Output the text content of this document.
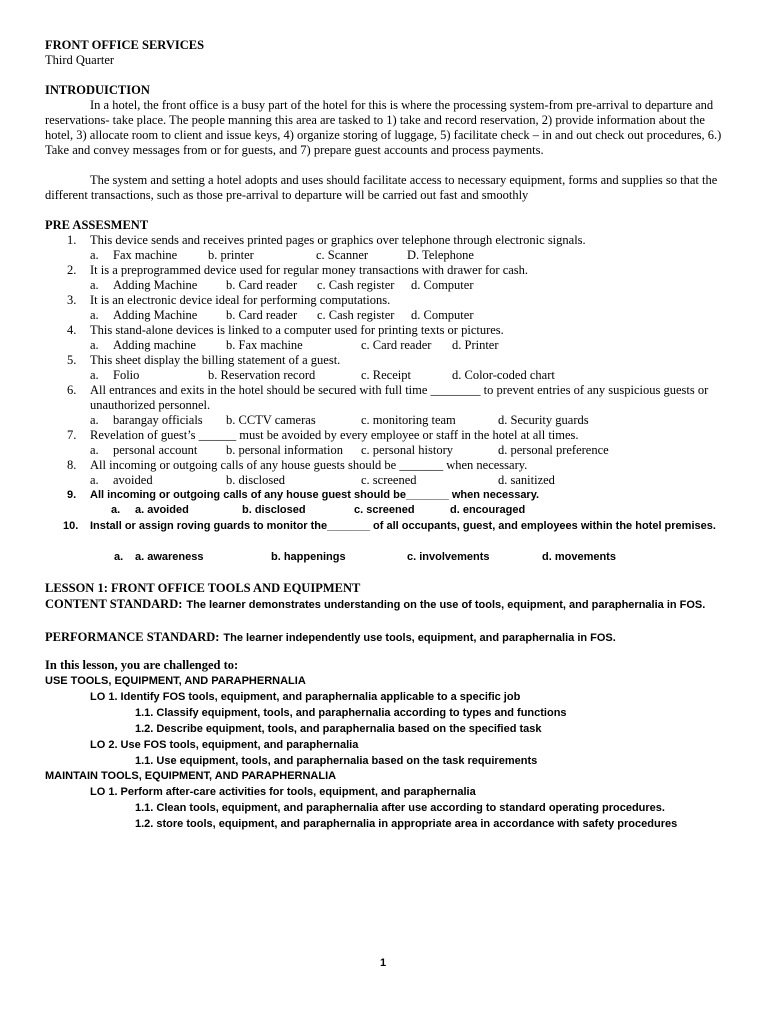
FRONT OFFICE SERVICES
Third Quarter
INTRODUICTION
In a hotel, the front office is a busy part of the hotel for this is where the processing system-from pre-arrival to departure and reservations- take place. The people manning this area are tasked to 1) take and record reservation, 2) provide information about the hotel, 3) allocate room to client and issue keys, 4) organize storing of luggage, 5) facilitate check – in and out check out procedures, 6.) Take and convey messages from or for guests, and 7) prepare guest accounts and process payments.
The system and setting a hotel adopts and uses should facilitate access to necessary equipment, forms and supplies so that the different transactions, such as those pre-arrival to departure will be carried out fast and smoothly
PRE ASSESMENT
1. This device sends and receives printed pages or graphics over telephone through electronic signals.
a. Fax machine b. printer	c. Scanner	D. Telephone
2. It is a preprogrammed device used for regular money transactions with drawer for cash.
a. Adding Machine b. Card reader c. Cash register d. Computer
3. It is an electronic device ideal for performing computations.
a. Adding Machine b. Card reader c. Cash register d. Computer
4. This stand-alone devices is linked to a computer used for printing texts or pictures.
a. Adding machine b. Fax machine	c. Card reader d. Printer
5. This sheet display the billing statement of a guest.
a. Folio	b. Reservation record	c. Receipt	d. Color-coded chart
6. All entrances and exits in the hotel should be secured with full time ________ to prevent entries of any suspicious guests or unauthorized personnel.
a. barangay officials b. CCTV cameras	c. monitoring team	d. Security guards
7. Revelation of guest’s ______ must be avoided by every employee or staff in the hotel at all times.
a. personal account b. personal information c. personal history	d. personal preference
8. All incoming or outgoing calls of any house guests should be _______ when necessary.
a. avoided	b. disclosed	c. screened	d. sanitized
9. All incoming or outgoing calls of any house guest should be_______ when necessary.
a. a. avoided	b. disclosed	c. screened	d. encouraged
10. Install or assign roving guards to monitor the_______ of all occupants, guest, and employees within the hotel premises.
a. a. awareness	b. happenings	c. involvements	d. movements
LESSON 1: FRONT OFFICE TOOLS AND EQUIPMENT
CONTENT STANDARD: The learner demonstrates understanding on the use of tools, equipment, and paraphernalia in FOS.
PERFORMANCE STANDARD: The learner independently use tools, equipment, and paraphernalia in FOS.
In this lesson, you are challenged to:
USE TOOLS, EQUIPMENT, AND PARAPHERNALIA
LO 1. Identify FOS tools, equipment, and paraphernalia applicable to a specific job
1.1. Classify equipment, tools, and paraphernalia according to types and functions
1.2. Describe equipment, tools, and paraphernalia based on the specified task
LO 2. Use FOS tools, equipment, and paraphernalia
1.1. Use equipment, tools, and paraphernalia based on the task requirements
MAINTAIN TOOLS, EQUIPMENT, AND PARAPHERNALIA
LO 1. Perform after-care activities for tools, equipment, and paraphernalia
1.1. Clean tools, equipment, and paraphernalia after use according to standard operating procedures.
1.2. store tools, equipment, and paraphernalia in appropriate area in accordance with safety procedures
1
